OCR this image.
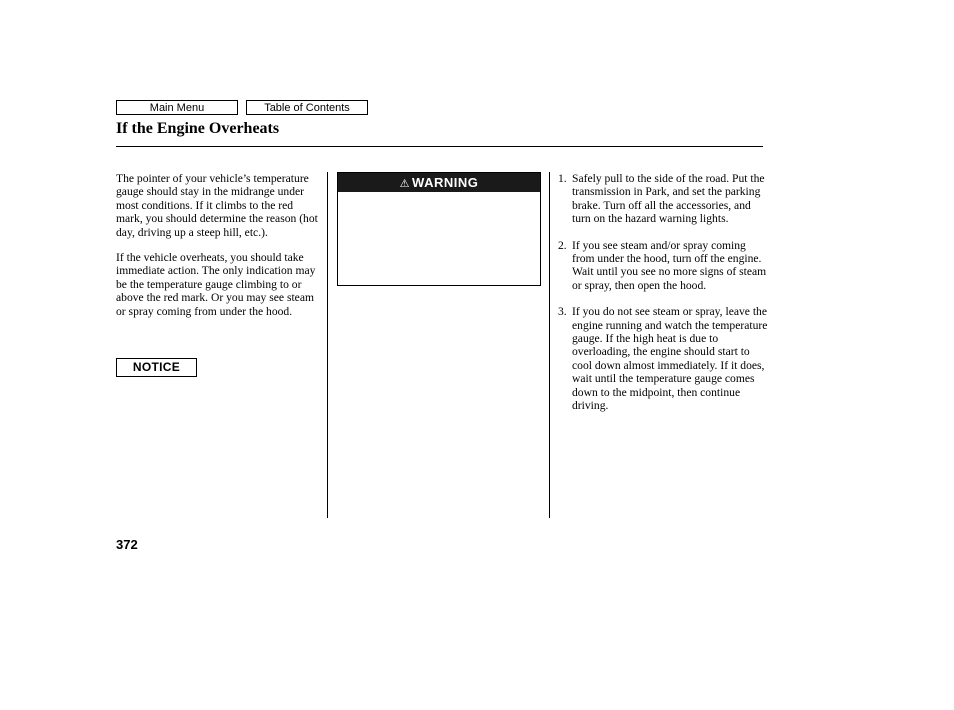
Main Menu	Table of Contents
If the Engine Overheats

The pointer of your vehicle’s temperature gauge should stay in the midrange under most conditions. If it climbs to the red mark, you should determine the reason (hot day, driving up a steep hill, etc.).

If the vehicle overheats, you should take immediate action. The only indication may be the temperature gauge climbing to or above the red mark. Or you may see steam or spray coming from under the hood.

NOTICE
⚠ WARNING	1. Safely pull to the side of the road. Put the transmission in Park, and set the parking brake. Turn off all the accessories, and turn on the hazard warning lights.
2. If you see steam and/or spray coming from under the hood, turn off the engine. Wait until you see no more signs of steam or spray, then open the hood.
3. If you do not see steam or spray, leave the engine running and watch the temperature gauge. If the high heat is due to overloading, the engine should start to cool down almost immediately. If it does, wait until the temperature gauge comes down to the midpoint, then continue driving.
372
